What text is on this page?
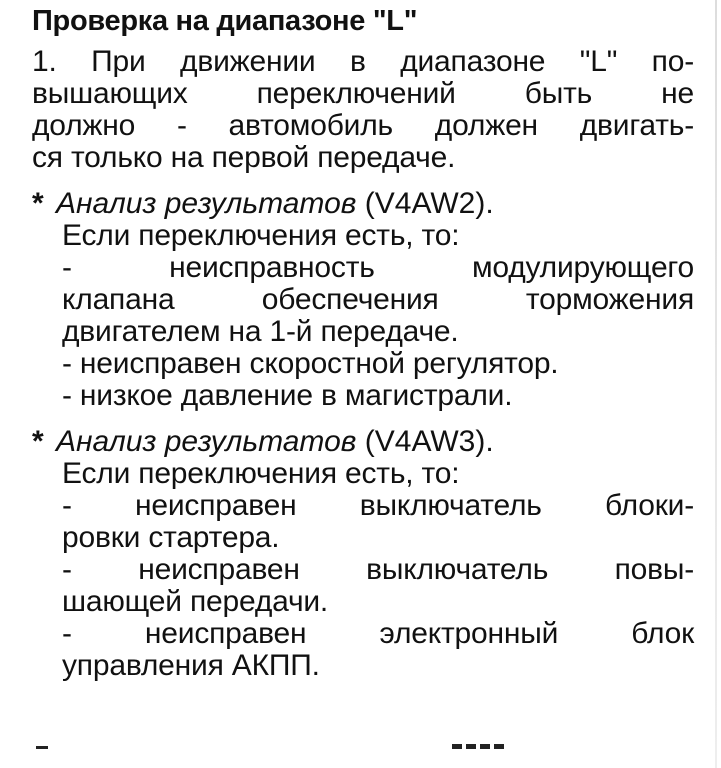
Проверка на диапазоне "L"
1. При движении в диапазоне "L" по-
вышающих переключений быть не
должно - автомобиль должен двигать-
ся только на первой передаче.
* Анализ результатов (V4AW2).
Если переключения есть, то:
- неисправность модулирующего
клапана обеспечения торможения
двигателем на 1-й передаче.
- неисправен скоростной регулятор.
- низкое давление в магистрали.
* Анализ результатов (V4AW3).
Если переключения есть, то:
- неисправен выключатель блоки-
ровки стартера.
- неисправен выключатель повы-
шающей передачи.
- неисправен электронный блок
управления АКПП.
